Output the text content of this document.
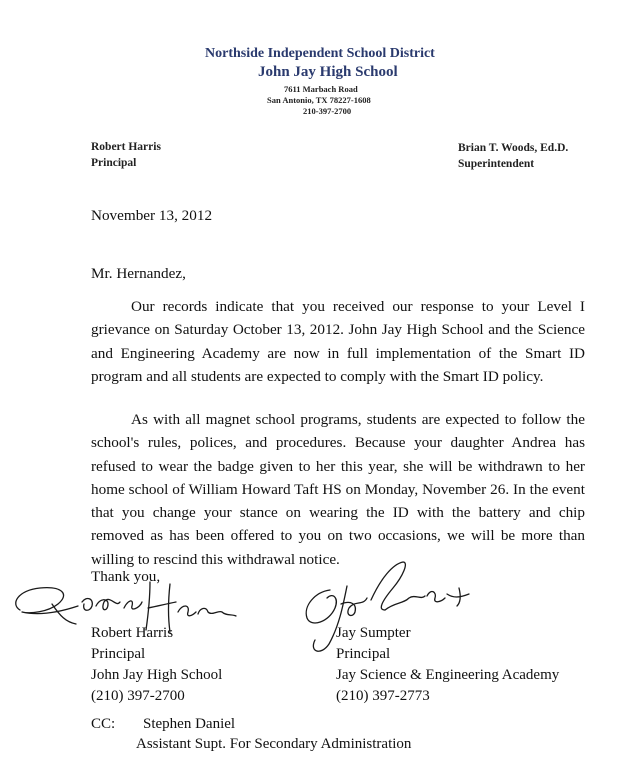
Northside Independent School District
John Jay High School
7611 Marbach Road
San Antonio, TX 78227-1608
210-397-2700
Robert Harris
Principal
Brian T. Woods, Ed.D.
Superintendent
November 13, 2012
Mr. Hernandez,

Our records indicate that you received our response to your Level I grievance on Saturday October 13, 2012. John Jay High School and the Science and Engineering Academy are now in full implementation of the Smart ID program and all students are expected to comply with the Smart ID policy.

As with all magnet school programs, students are expected to follow the school's rules, polices, and procedures. Because your daughter Andrea has refused to wear the badge given to her this year, she will be withdrawn to her home school of William Howard Taft HS on Monday, November 26. In the event that you change your stance on wearing the ID with the battery and chip removed as has been offered to you on two occasions, we will be more than willing to rescind this withdrawal notice.

Thank you,
Robert Harris
Principal
John Jay High School
(210) 397-2700
Jay Sumpter
Principal
Jay Science & Engineering Academy
(210) 397-2773
CC: Stephen Daniel
Assistant Supt. For Secondary Administration
